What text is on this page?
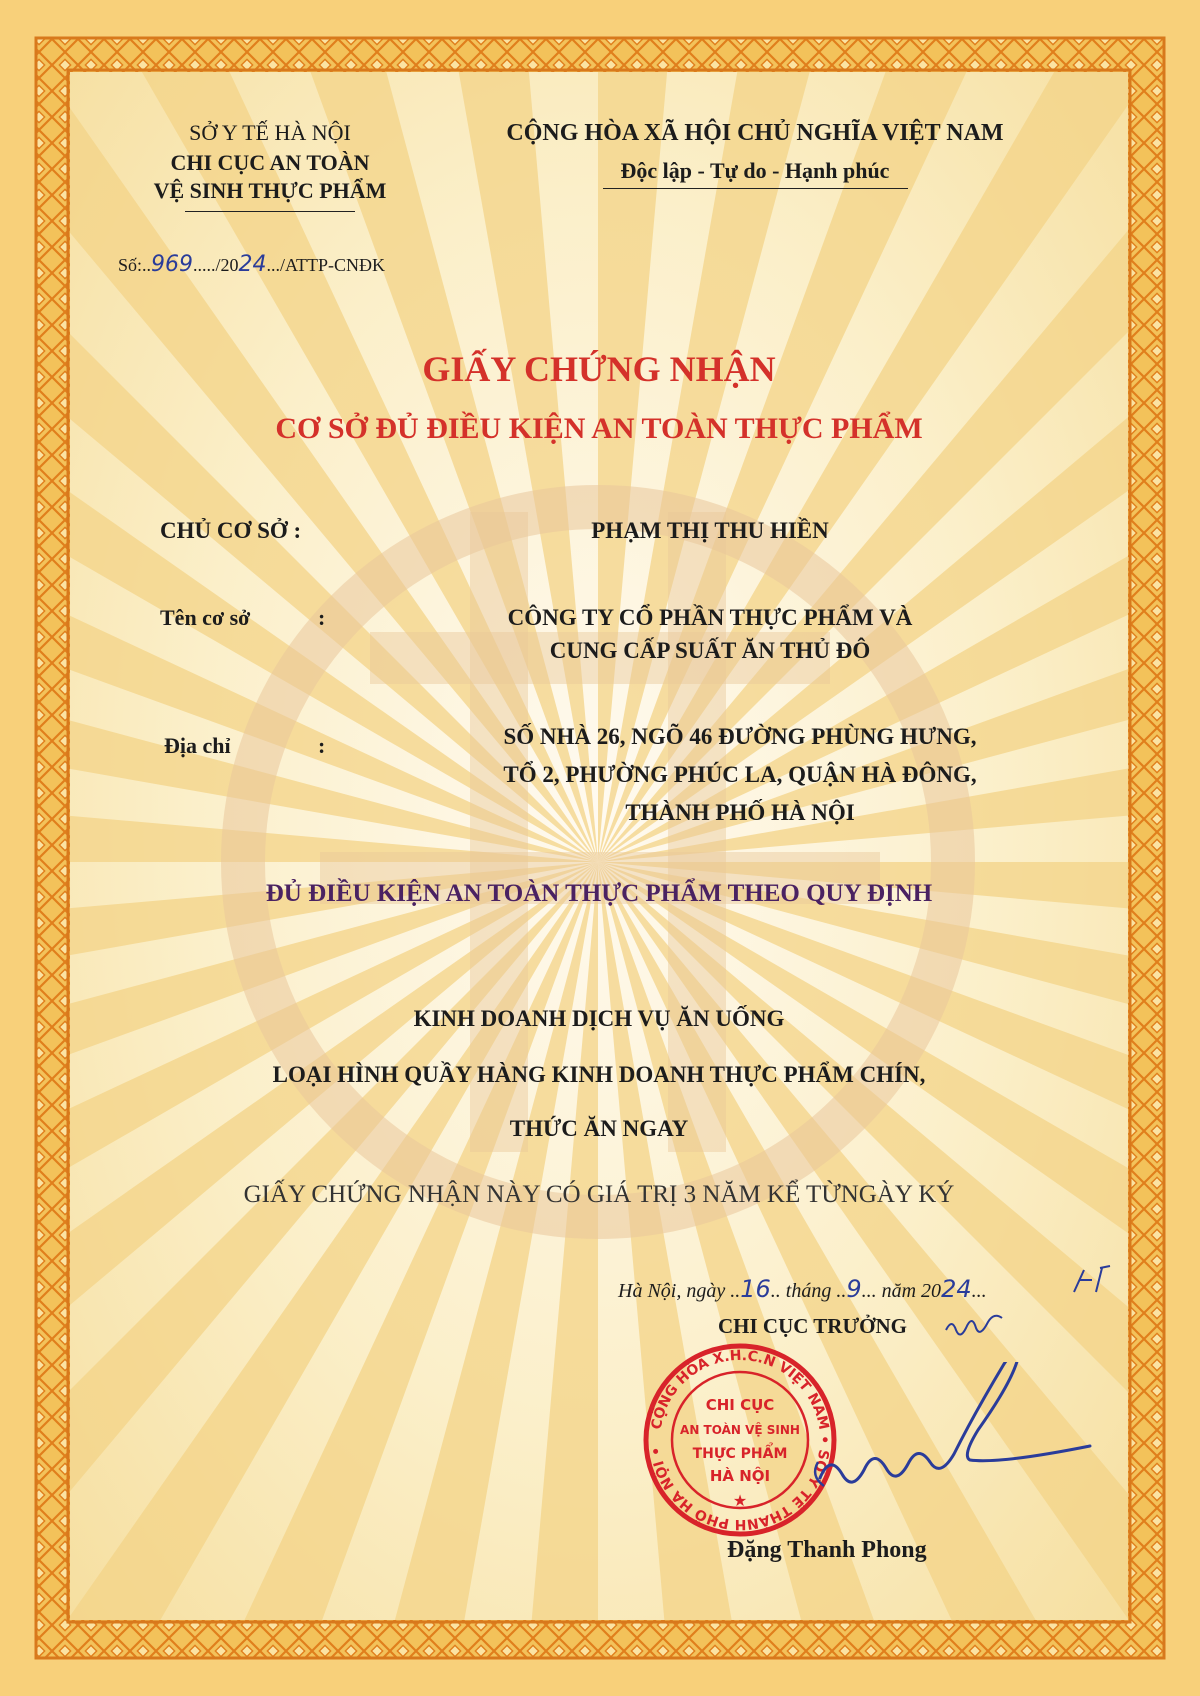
SỞ Y TẾ HÀ NỘI

CHI CỤC AN TOÀN

VỆ SINH THỰC PHẨM

CỘNG HÒA XÃ HỘI CHỦ NGHĨA VIỆT NAM

Độc lập - Tự do - Hạnh phúc

Số:..969...../2024.../ATTP-CNĐK

GIẤY CHỨNG NHẬN

CƠ SỞ ĐỦ ĐIỀU KIỆN AN TOÀN THỰC PHẨM

CHỦ CƠ SỞ :	PHẠM THỊ THU HIỀN

Tên cơ sở	:	CÔNG TY CỔ PHẦN THỰC PHẨM VÀ

CUNG CẤP SUẤT ĂN THỦ ĐÔ

Địa chỉ	:	SỐ NHÀ 26, NGÕ 46 ĐƯỜNG PHÙNG HƯNG,

TỔ 2, PHƯỜNG PHÚC LA, QUẬN HÀ ĐÔNG,

THÀNH PHỐ HÀ NỘI

ĐỦ ĐIỀU KIỆN AN TOÀN THỰC PHẨM THEO QUY ĐỊNH

KINH DOANH DỊCH VỤ ĂN UỐNG

LOẠI HÌNH QUẦY HÀNG KINH DOANH THỰC PHẨM CHÍN,

THỨC ĂN NGAY

GIẤY CHỨNG NHẬN NÀY CÓ GIÁ TRỊ 3 NĂM KỂ TỪNGÀY KÝ

Hà Nội, ngày ..16.. tháng ..9... năm 2024...

CHI CỤC TRƯỞNG

CỘNG HÒA X.H.C.N VIỆT NAM • SỞ Y TẾ THÀNH PHỐ HÀ NỘI •
CHI CỤC
AN TOÀN VỆ SINH
THỰC PHẨM
HÀ NỘI
★

Đặng Thanh Phong
